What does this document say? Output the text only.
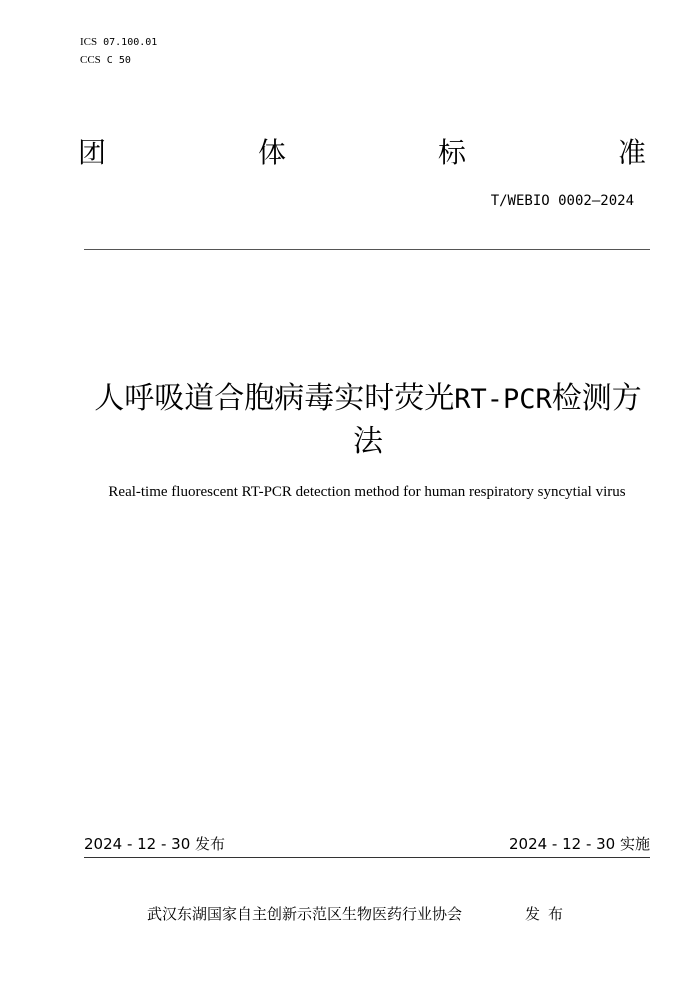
ICS 07.100.01
CCS C 50
团	体	标	准
T/WEBIO 0002—2024
人呼吸道合胞病毒实时荧光RT-PCR检测方法
Real-time fluorescent RT-PCR detection method for human respiratory syncytial virus
2024 - 12 - 30 发布	2024 - 12 - 30 实施
武汉东湖国家自主创新示范区生物医药行业协会	发布
